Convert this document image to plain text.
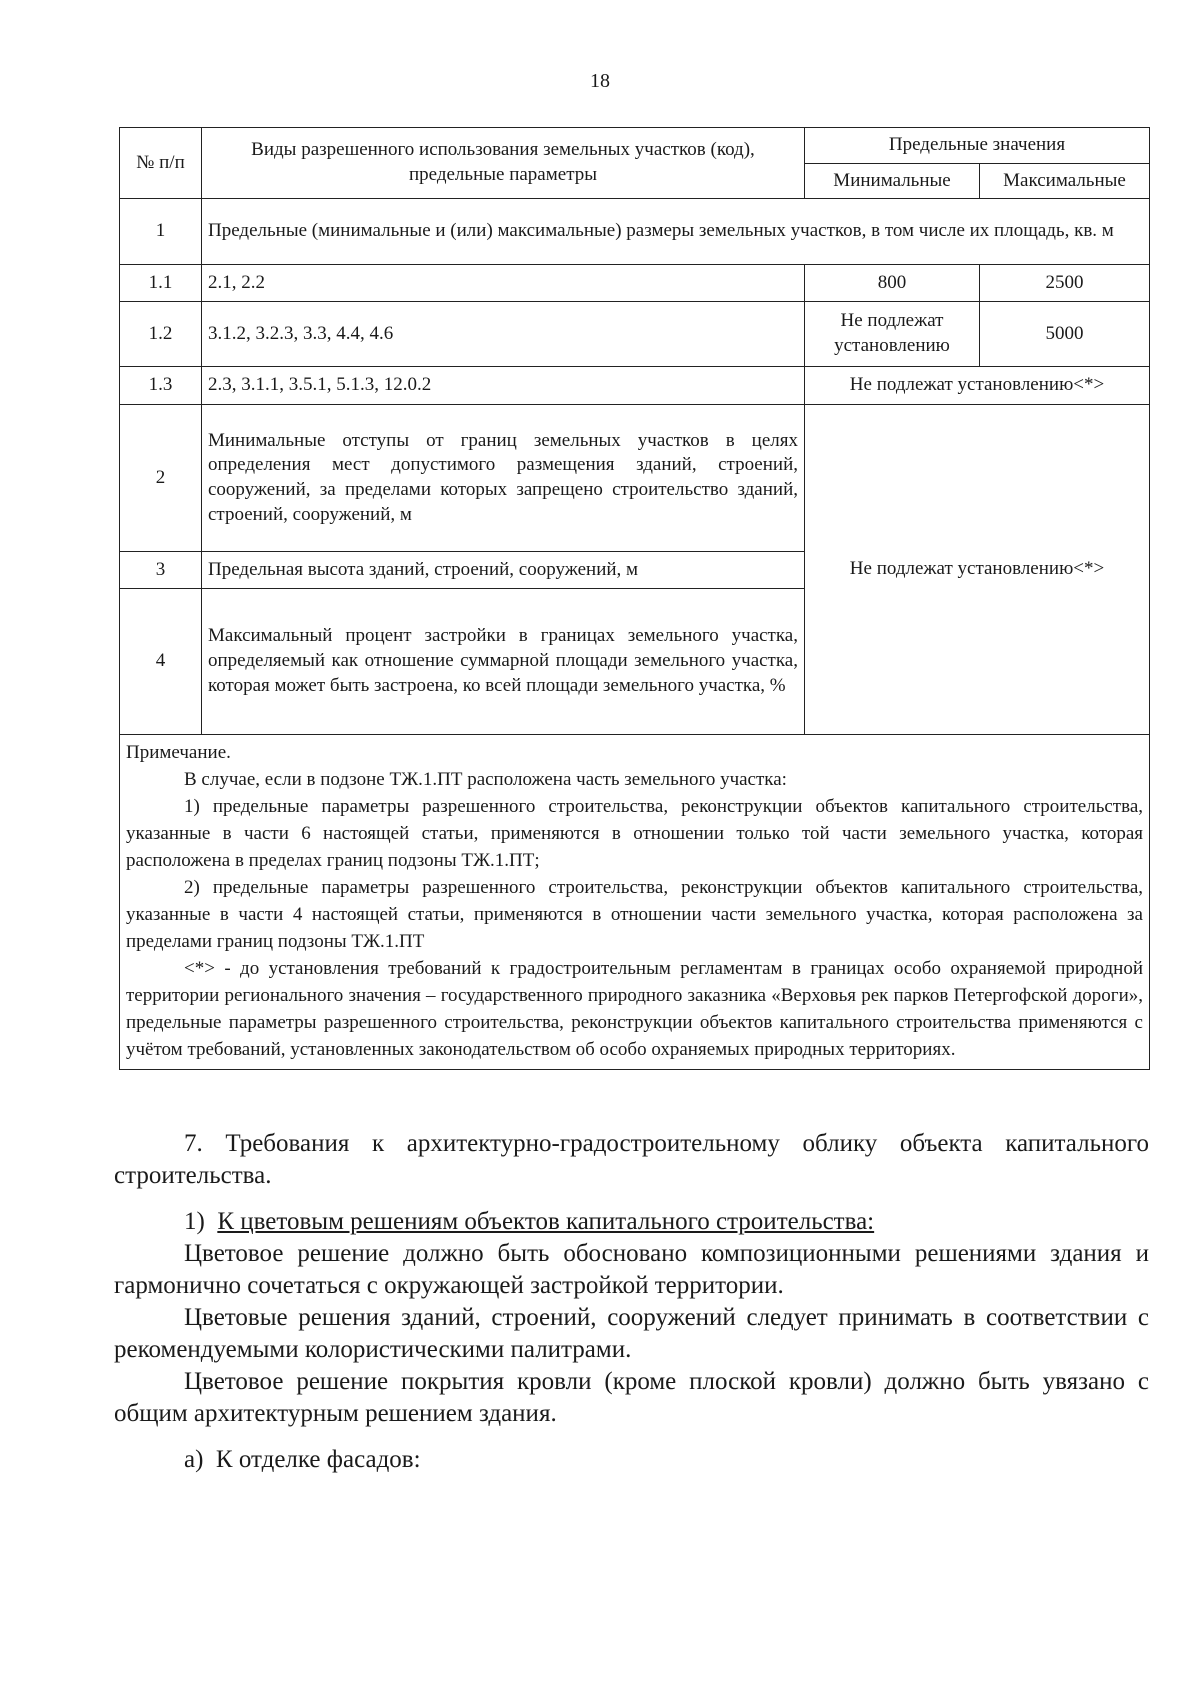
18
№ п/п	Виды разрешенного использования земельных участков (код), предельные параметры	Предельные значения	
		Минимальные	Максимальные
1	Предельные (минимальные и (или) максимальные) размеры земельных участков, в том числе их площадь, кв. м		
1.1	2.1, 2.2	800	2500
1.2	3.1.2, 3.2.3, 3.3, 4.4, 4.6	Не подлежат установлению	5000
1.3	2.3, 3.1.1, 3.5.1, 5.1.3, 12.0.2	Не подлежат установлению<*>	
2	Минимальные отступы от границ земельных участков в целях определения мест допустимого размещения зданий, строений, сооружений, за пределами которых запрещено строительство зданий, строений, сооружений, м	Не подлежат установлению<*>	
3	Предельная высота зданий, строений, сооружений, м		
4	Максимальный процент застройки в границах земельного участка, определяемый как отношение суммарной площади земельного участка, которая может быть застроена, ко всей площади земельного участка, %		

Примечание.

В случае, если в подзоне ТЖ.1.ПТ расположена часть земельного участка:

1) предельные параметры разрешенного строительства, реконструкции объектов капитального строительства, указанные в части 6 настоящей статьи, применяются в отношении только той части земельного участка, которая расположена в пределах границ подзоны ТЖ.1.ПТ;

2) предельные параметры разрешенного строительства, реконструкции объектов капитального строительства, указанные в части 4 настоящей статьи, применяются в отношении части земельного участка, которая расположена за пределами границ подзоны ТЖ.1.ПТ

<*> - до установления требований к градостроительным регламентам в границах особо охраняемой природной территории регионального значения – государственного природного заказника «Верховья рек парков Петергофской дороги», предельные параметры разрешенного строительства, реконструкции объектов капитального строительства применяются с учётом требований, установленных законодательством об особо охраняемых природных территориях.			

7. Требования к архитектурно-градостроительному облику объекта капитального строительства.

1) К цветовым решениям объектов капитального строительства:

Цветовое решение должно быть обосновано композиционными решениями здания и гармонично сочетаться с окружающей застройкой территории.

Цветовые решения зданий, строений, сооружений следует принимать в соответствии с рекомендуемыми колористическими палитрами.

Цветовое решение покрытия кровли (кроме плоской кровли) должно быть увязано с общим архитектурным решением здания.

а) К отделке фасадов:
